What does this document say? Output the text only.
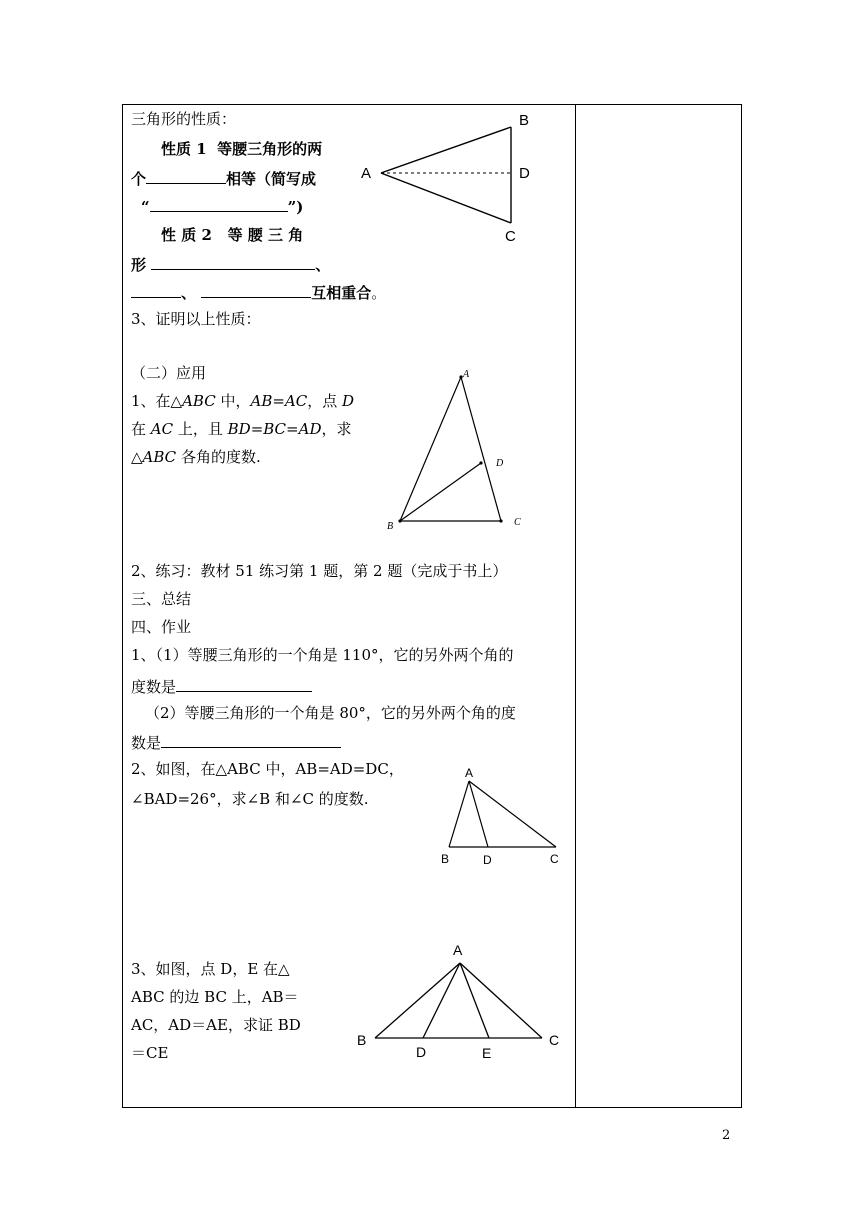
三角形的性质：
性质 1 等腰三角形的两
个	相等（简写成
“	”)
性 质 2 等 腰 三 角
形	、
、	互相重合。
A
B
D
C
3、证明以上性质：
（二）应用
1、在△ABC 中，AB=AC，点 D
在 AC 上，且 BD=BC=AD，求
△ABC 各角的度数.
A
B	C
D
2、练习：教材 51 练习第 1 题，第 2 题（完成于书上）
三、总结
四、作业
1、（1）等腰三角形的一个角是 110°，它的另外两个角的
度数是
（2）等腰三角形的一个角是 80°，它的另外两个角的度
数是
2、如图，在△ABC 中，AB=AD=DC，
∠BAD=26°，求∠B 和∠C 的度数.
A
B	D	C
3、如图，点 D，E 在△
ABC 的边 BC 上，AB＝
AC，AD＝AE，求证 BD
＝CE
A
B
D	E
C
2
